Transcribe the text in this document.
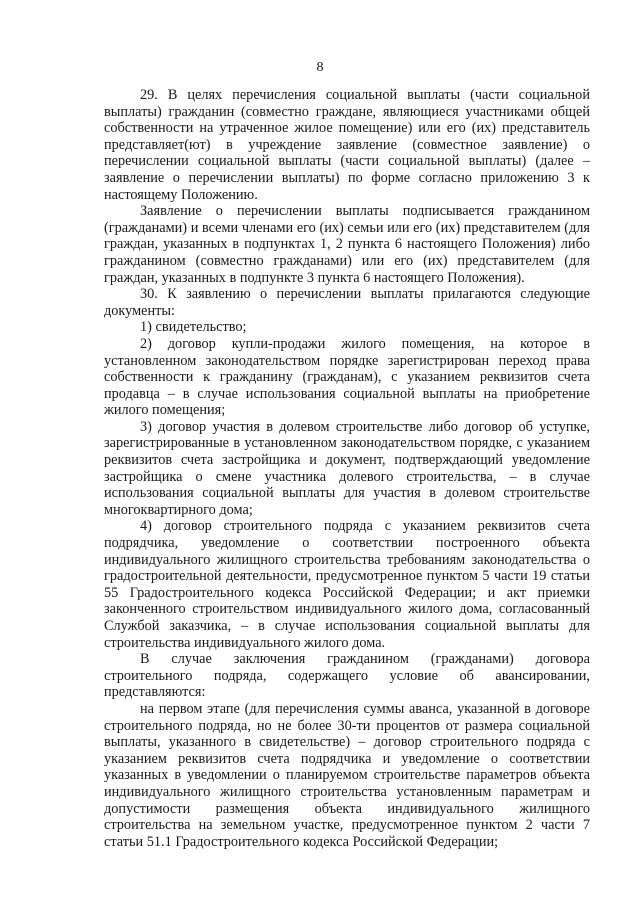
8

29. В целях перечисления социальной выплаты (части социальной выплаты) гражданин (совместно граждане, являющиеся участниками общей собственности на утраченное жилое помещение) или его (их) представитель представляет(ют) в учреждение заявление (совместное заявление) о перечислении социальной выплаты (части социальной выплаты) (далее – заявление о перечислении выплаты) по форме согласно приложению 3 к настоящему Положению.

Заявление о перечислении выплаты подписывается гражданином (гражданами) и всеми членами его (их) семьи или его (их) представителем (для граждан, указанных в подпунктах 1, 2 пункта 6 настоящего Положения) либо гражданином (совместно гражданами) или его (их) представителем (для граждан, указанных в подпункте 3 пункта 6 настоящего Положения).

30. К заявлению о перечислении выплаты прилагаются следующие документы:

1) свидетельство;

2) договор купли-продажи жилого помещения, на которое в установленном законодательством порядке зарегистрирован переход права собственности к гражданину (гражданам), с указанием реквизитов счета продавца – в случае использования социальной выплаты на приобретение жилого помещения;

3) договор участия в долевом строительстве либо договор об уступке, зарегистрированные в установленном законодательством порядке, с указанием реквизитов счета застройщика и документ, подтверждающий уведомление застройщика о смене участника долевого строительства, – в случае использования социальной выплаты для участия в долевом строительстве многоквартирного дома;

4) договор строительного подряда с указанием реквизитов счета подрядчика, уведомление о соответствии построенного объекта индивидуального жилищного строительства требованиям законодательства о градостроительной деятельности, предусмотренное пунктом 5 части 19 статьи 55 Градостроительного кодекса Российской Федерации; и акт приемки законченного строительством индивидуального жилого дома, согласованный Службой заказчика, – в случае использования социальной выплаты для строительства индивидуального жилого дома.

В случае заключения гражданином (гражданами) договора строительного подряда, содержащего условие об авансировании, представляются:

на первом этапе (для перечисления суммы аванса, указанной в договоре строительного подряда, но не более 30-ти процентов от размера социальной выплаты, указанного в свидетельстве) – договор строительного подряда с указанием реквизитов счета подрядчика и уведомление о соответствии указанных в уведомлении о планируемом строительстве параметров объекта индивидуального жилищного строительства установленным параметрам и допустимости размещения объекта индивидуального жилищного строительства на земельном участке, предусмотренное пунктом 2 части 7 статьи 51.1 Градостроительного кодекса Российской Федерации;
